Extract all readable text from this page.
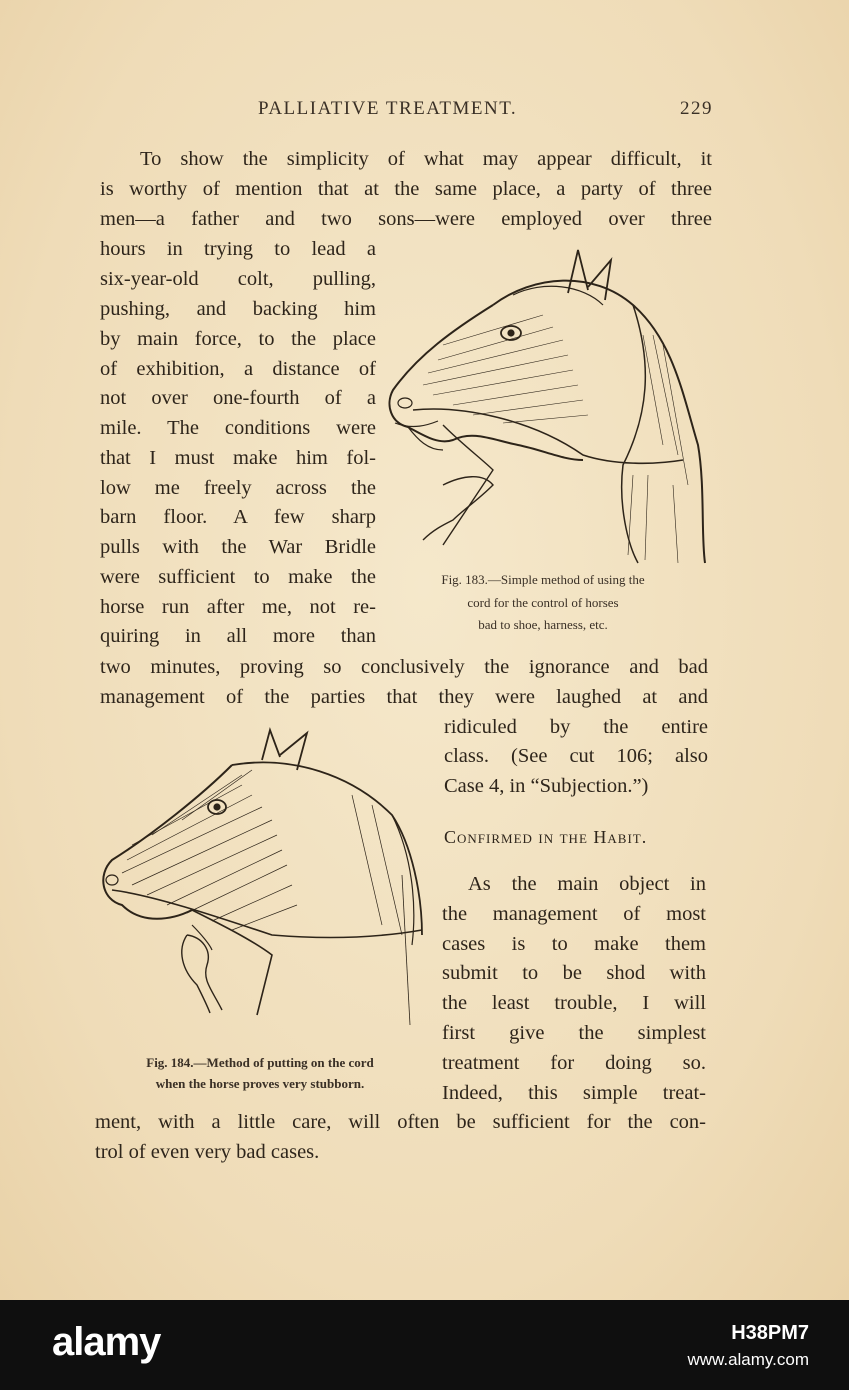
PALLIATIVE TREATMENT.	229
To show the simplicity of what may appear difficult, it
is worthy of mention that at the same place, a party of three
men—a father and two sons—were employed over three
hours in trying to lead a
six-year-old colt, pulling,
pushing, and backing him
by main force, to the place
of exhibition, a distance of
not over one-fourth of a
mile. The conditions were
that I must make him fol-
low me freely across the
barn floor. A few sharp
pulls with the War Bridle
were sufficient to make the
horse run after me, not re-
quiring in all more than
two minutes, proving so conclusively the ignorance and bad
management of the parties that they were laughed at and
ridiculed by the entire
class. (See cut 106; also
Case 4, in “Subjection.”)
Confirmed in the Habit.
As the main object in
the management of most
cases is to make them
submit to be shod with
the least trouble, I will
first give the simplest
treatment for doing so.
Indeed, this simple treat-
ment, with a little care, will often be sufficient for the con-
trol of even very bad cases.
Fig. 183.—Simple method of using the
cord for the control of horses
bad to shoe, harness, etc.
Fig. 184.—Method of putting on the cord
when the horse proves very stubborn.
alamy	H38PM7
www.alamy.com
